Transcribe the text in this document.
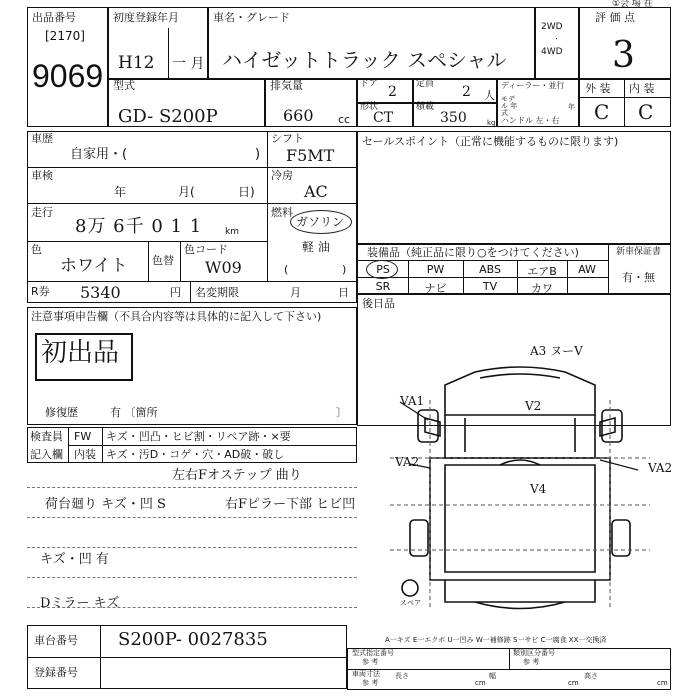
出品番号
[2170]
9069
初度登録年月
H12 一 月
車名・グレード
ハイゼットトラック スペシャル
2WD
・
4WD
評 価 点
3
①会 場 在
型式
GD- S200P
排気量
660 cc
ドア 2 定員 2 人
形状
CT
積載
350	kg
ディーラー・並行
モデル 年式
年
ハンドル 左・右
外 装 内 装
C C
車歴
自家用・(	)
シフト
F5MT
車検
年	月(	日)
冷房
AC
走行
8万 6千 0 1 1	km
燃料
ガソリン
軽 油
(	)
色
ホワイト 色替
色コード
W09
R券 5340	円 名変期限	月	日
セールスポイント（正常に機能するものに限ります)
装備品（純正品に限り○をつけてください)	新車保証書
有・無
PS	PW	ABS	エアB	AW
SR	ナビ	TV	カワ
後日品
注意事項申告欄（不具合内容等は具体的に記入して下さい)
初出品
修復歴	有 〔箇所	〕
検査員
記入欄
FW キズ・凹凸・ヒビ割・リペア跡・×要
内装 キズ・汚D・コゲ・穴・AD破・破し
左右Fオステップ 曲り
荷台廻り キズ・凹 S	右Fピラー下部 ヒビ凹
キズ・凹 有
Dミラー キズ
A3 ヌーV
VA1	V2
VA2
V4
VA2
スペア
A一キズ E一エクボ U一凹み W一補修跡 S一サビ C一腐食 XX一交換済
車台番号 S200P- 0027835
登録番号
型式指定番号
参 考
類別区分番号
参 考
車両寸法
参 考
長さ
cm
幅
cm
高さ
cm
